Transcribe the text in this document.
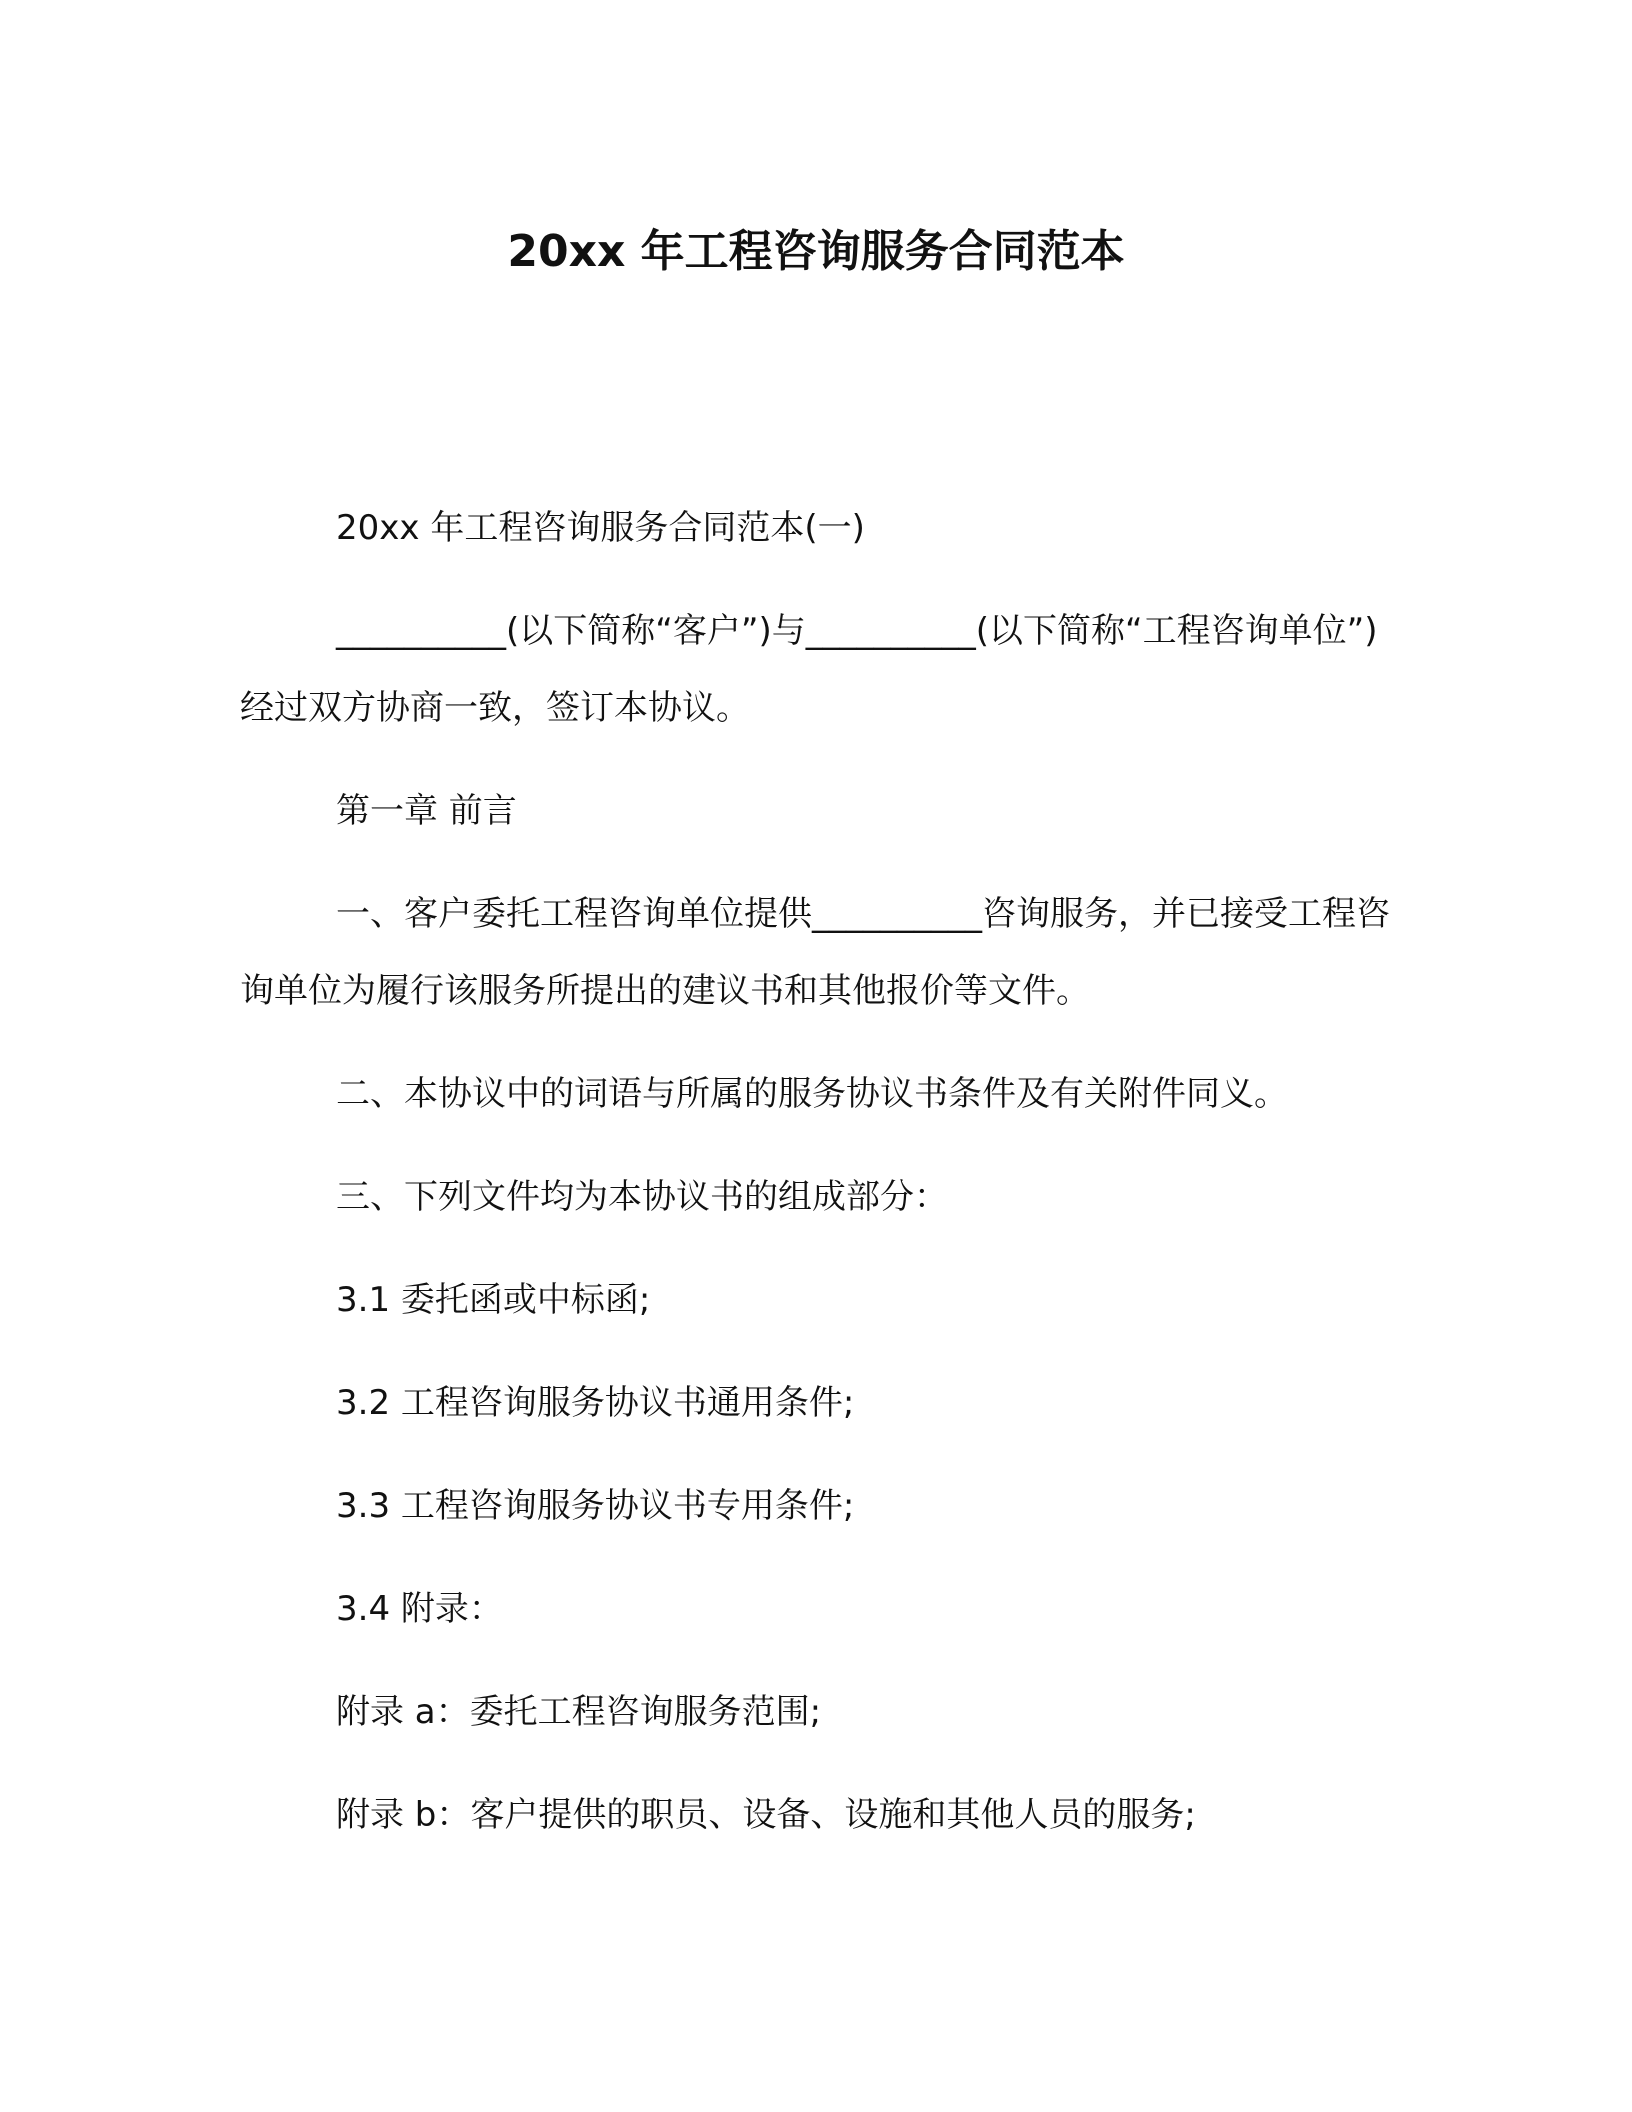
20xx 年工程咨询服务合同范本

20xx 年工程咨询服务合同范本(一)

__________(以下简称“客户”)与__________(以下简称“工程咨询单位”)经过双方协商一致，签订本协议。

第一章 前言

一、客户委托工程咨询单位提供__________咨询服务，并已接受工程咨询单位为履行该服务所提出的建议书和其他报价等文件。

二、本协议中的词语与所属的服务协议书条件及有关附件同义。

三、下列文件均为本协议书的组成部分：

3.1 委托函或中标函;

3.2 工程咨询服务协议书通用条件;

3.3 工程咨询服务协议书专用条件;

3.4 附录：

附录 a：委托工程咨询服务范围;

附录 b：客户提供的职员、设备、设施和其他人员的服务;
